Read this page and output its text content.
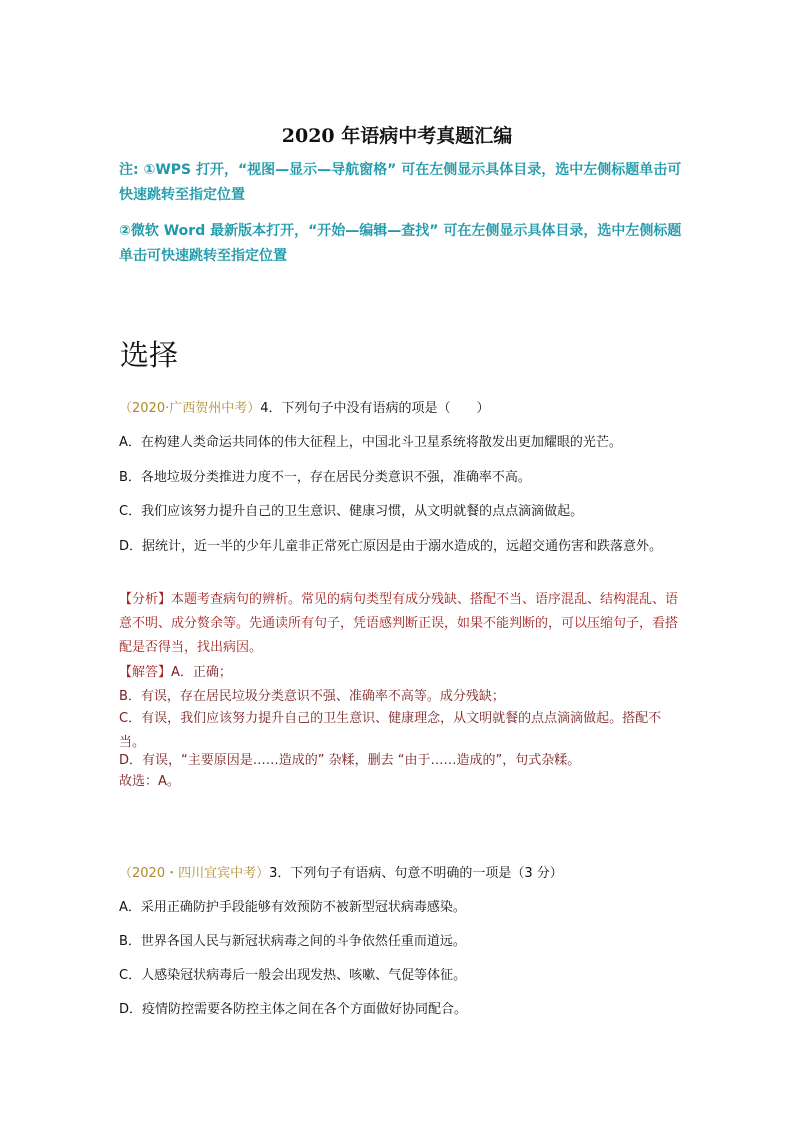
2020 年语病中考真题汇编
注: ①WPS 打开，“视图—显示—导航窗格” 可在左侧显示具体目录，选中左侧标题单击可快速跳转至指定位置
②微软 Word 最新版本打开，“开始—编辑—查找” 可在左侧显示具体目录，选中左侧标题单击可快速跳转至指定位置
选择
（2020·广西贺州中考）4．下列句子中没有语病的项是（　　）
A．在构建人类命运共同体的伟大征程上，中国北斗卫星系统将散发出更加耀眼的光芒。
B．各地垃圾分类推进力度不一，存在居民分类意识不强，准确率不高。
C．我们应该努力提升自己的卫生意识、健康习惯，从文明就餐的点点滴滴做起。
D．据统计，近一半的少年儿童非正常死亡原因是由于溺水造成的，远超交通伤害和跌落意外。
【分析】本题考查病句的辨析。常见的病句类型有成分残缺、搭配不当、语序混乱、结构混乱、语意不明、成分赘余等。先通读所有句子，凭语感判断正误，如果不能判断的，可以压缩句子，看搭配是否得当，找出病因。
【解答】A．正确；
B．有误，存在居民垃圾分类意识不强、准确率不高等。成分残缺；
C．有误，我们应该努力提升自己的卫生意识、健康理念，从文明就餐的点点滴滴做起。搭配不当。
D．有误，“主要原因是……造成的” 杂糅，删去 “由于……造成的”，句式杂糅。
故选：A。
（2020・四川宜宾中考）3．下列句子有语病、句意不明确的一项是（3 分）
A．采用正确防护手段能够有效预防不被新型冠状病毒感染。
B．世界各国人民与新冠状病毒之间的斗争依然任重而道远。
C．人感染冠状病毒后一般会出现发热、咳嗽、气促等体征。
D．疫情防控需要各防控主体之间在各个方面做好协同配合。
